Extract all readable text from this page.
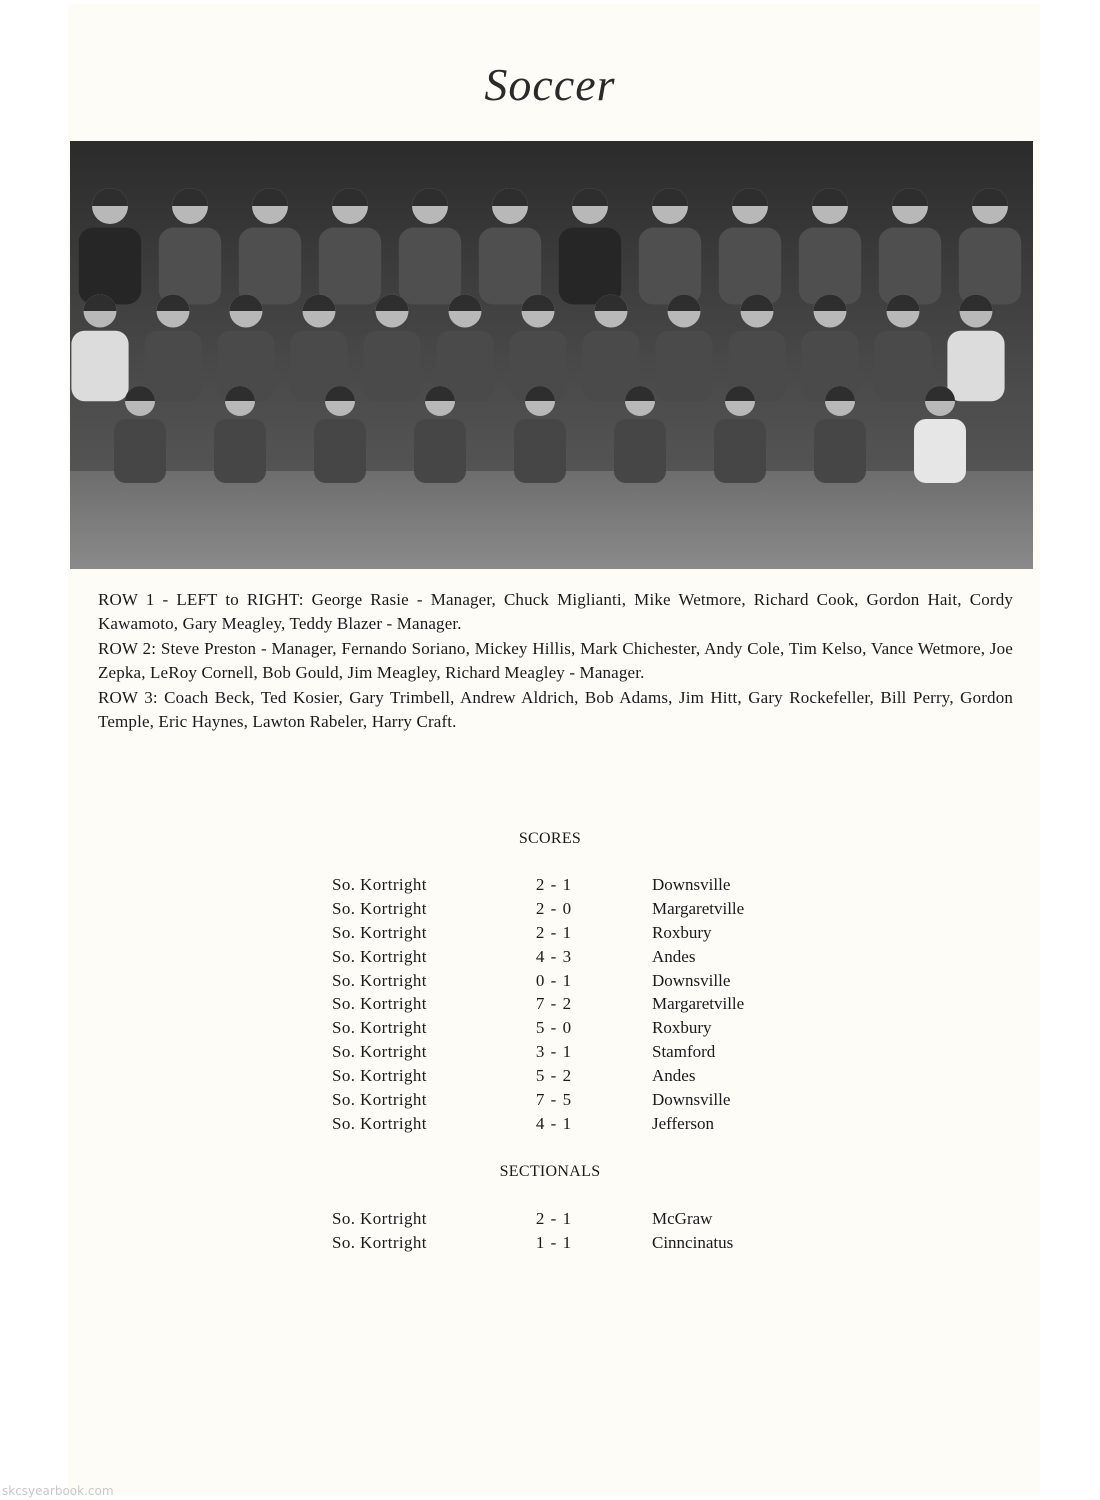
Soccer

ROW 1 - LEFT to RIGHT: George Rasie - Manager, Chuck Miglianti, Mike Wetmore, Richard Cook, Gordon Hait, Cordy Kawamoto, Gary Meagley, Teddy Blazer - Manager.

ROW 2: Steve Preston - Manager, Fernando Soriano, Mickey Hillis, Mark Chichester, Andy Cole, Tim Kelso, Vance Wetmore, Joe Zepka, LeRoy Cornell, Bob Gould, Jim Meagley, Richard Meagley - Manager.

ROW 3: Coach Beck, Ted Kosier, Gary Trimbell, Andrew Aldrich, Bob Adams, Jim Hitt, Gary Rockefeller, Bill Perry, Gordon Temple, Eric Haynes, Lawton Rabeler, Harry Craft.

SCORES
So. Kortright	2 - 1	Downsville
So. Kortright	2 - 0	Margaretville
So. Kortright	2 - 1	Roxbury
So. Kortright	4 - 3	Andes
So. Kortright	0 - 1	Downsville
So. Kortright	7 - 2	Margaretville
So. Kortright	5 - 0	Roxbury
So. Kortright	3 - 1	Stamford
So. Kortright	5 - 2	Andes
So. Kortright	7 - 5	Downsville
So. Kortright	4 - 1	Jefferson
SECTIONALS
So. Kortright	2 - 1	McGraw
So. Kortright	1 - 1	Cinncinatus
skcsyearbook.com
